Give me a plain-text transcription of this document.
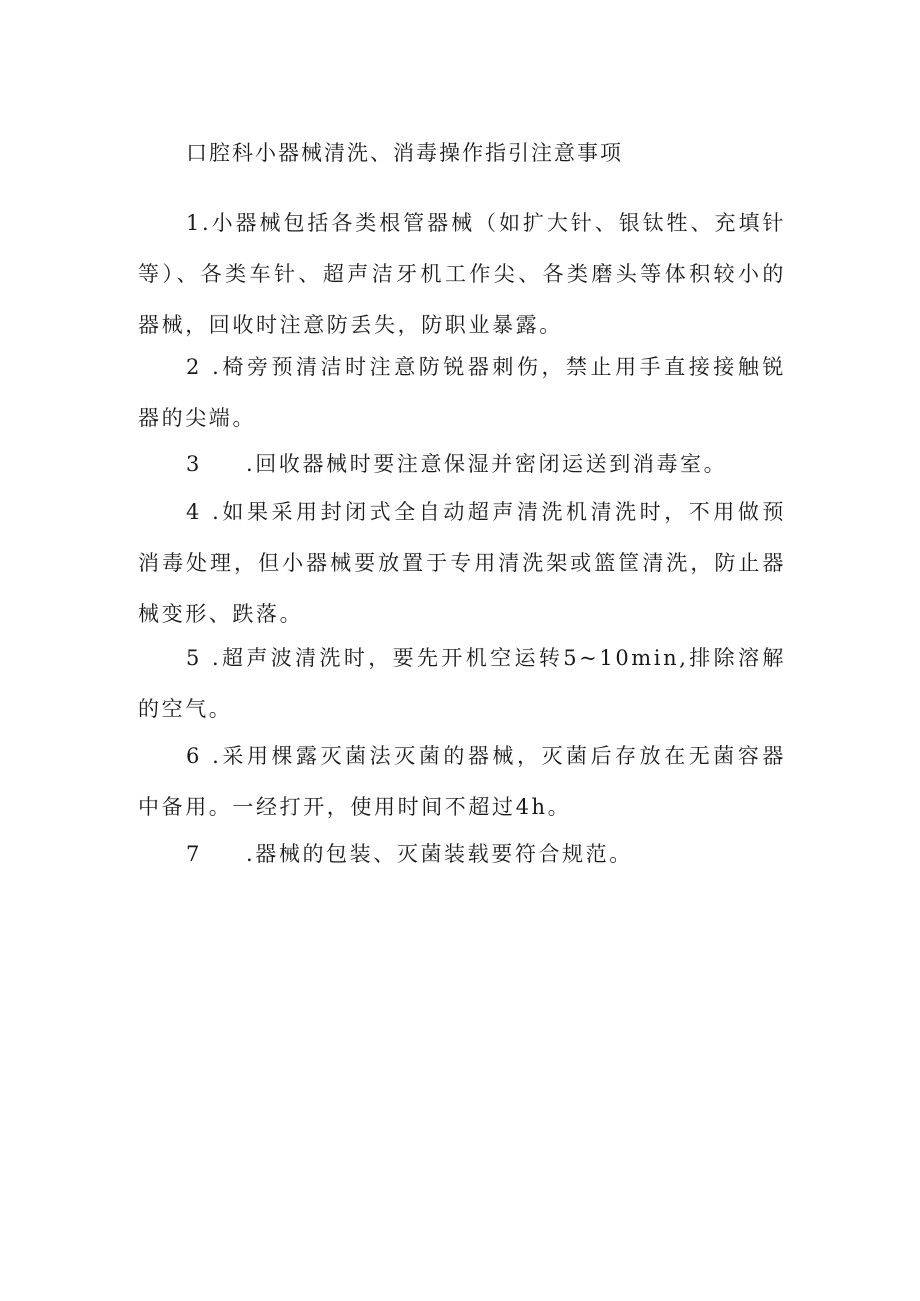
口腔科小器械清洗、消毒操作指引注意事项

1.小器械包括各类根管器械（如扩大针、银钛牲、充填针等）、各类车针、超声洁牙机工作尖、各类磨头等体积较小的器械，回收时注意防丢失，防职业暴露。

2 .椅旁预清洁时注意防锐器刺伤，禁止用手直接接触锐器的尖端。

3 .回收器械时要注意保湿并密闭运送到消毒室。

4 .如果采用封闭式全自动超声清洗机清洗时，不用做预消毒处理，但小器械要放置于专用清洗架或篮筐清洗，防止器械变形、跌落。

5 .超声波清洗时，要先开机空运转5~10min,排除溶解的空气。

6 .采用棵露灭菌法灭菌的器械，灭菌后存放在无菌容器中备用。一经打开，使用时间不超过4h。

7 .器械的包装、灭菌装载要符合规范。
